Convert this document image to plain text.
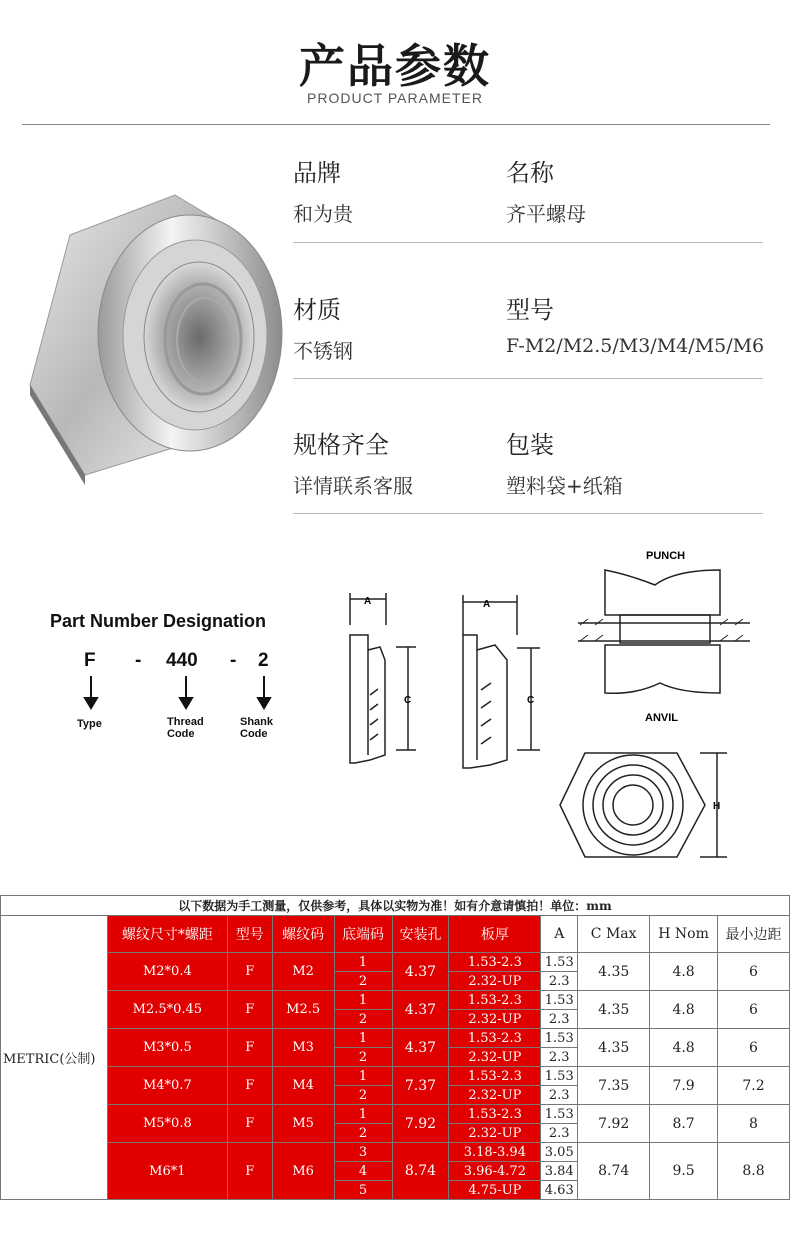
产品参数
PRODUCT PARAMETER
品牌
和为贵
名称
齐平螺母
材质
不锈钢
型号
F-M2/M2.5/M3/M4/M5/M6
规格齐全
详情联系客服
包装
塑料袋+纸箱
Part Number Designation
F - 440 - 2
Type	Thread Code
Shank Code
A
C
A
C
PUNCH
ANVIL
H
以下数据为手工测量，仅供参考，具体以实物为准！如有介意请慎拍！单位：mm										
METRIC(公制)	螺纹尺寸*螺距	型号	螺纹码	底端码	安装孔	板厚	A	C Max	H Nom	最小边距
	M2*0.4	F	M2	1	4.37	1.53-2.3	1.53	4.35	4.8	6
				2		2.32-UP	2.3			
	M2.5*0.45	F	M2.5	1	4.37	1.53-2.3	1.53	4.35	4.8	6
				2		2.32-UP	2.3			
	M3*0.5	F	M3	1	4.37	1.53-2.3	1.53	4.35	4.8	6
				2		2.32-UP	2.3			
	M4*0.7	F	M4	1	7.37	1.53-2.3	1.53	7.35	7.9	7.2
				2		2.32-UP	2.3			
	M5*0.8	F	M5	1	7.92	1.53-2.3	1.53	7.92	8.7	8
				2		2.32-UP	2.3			
	M6*1	F	M6	3	8.74	3.18-3.94	3.05	8.74	9.5	8.8
				4		3.96-4.72	3.84			
				5		4.75-UP	4.63			
